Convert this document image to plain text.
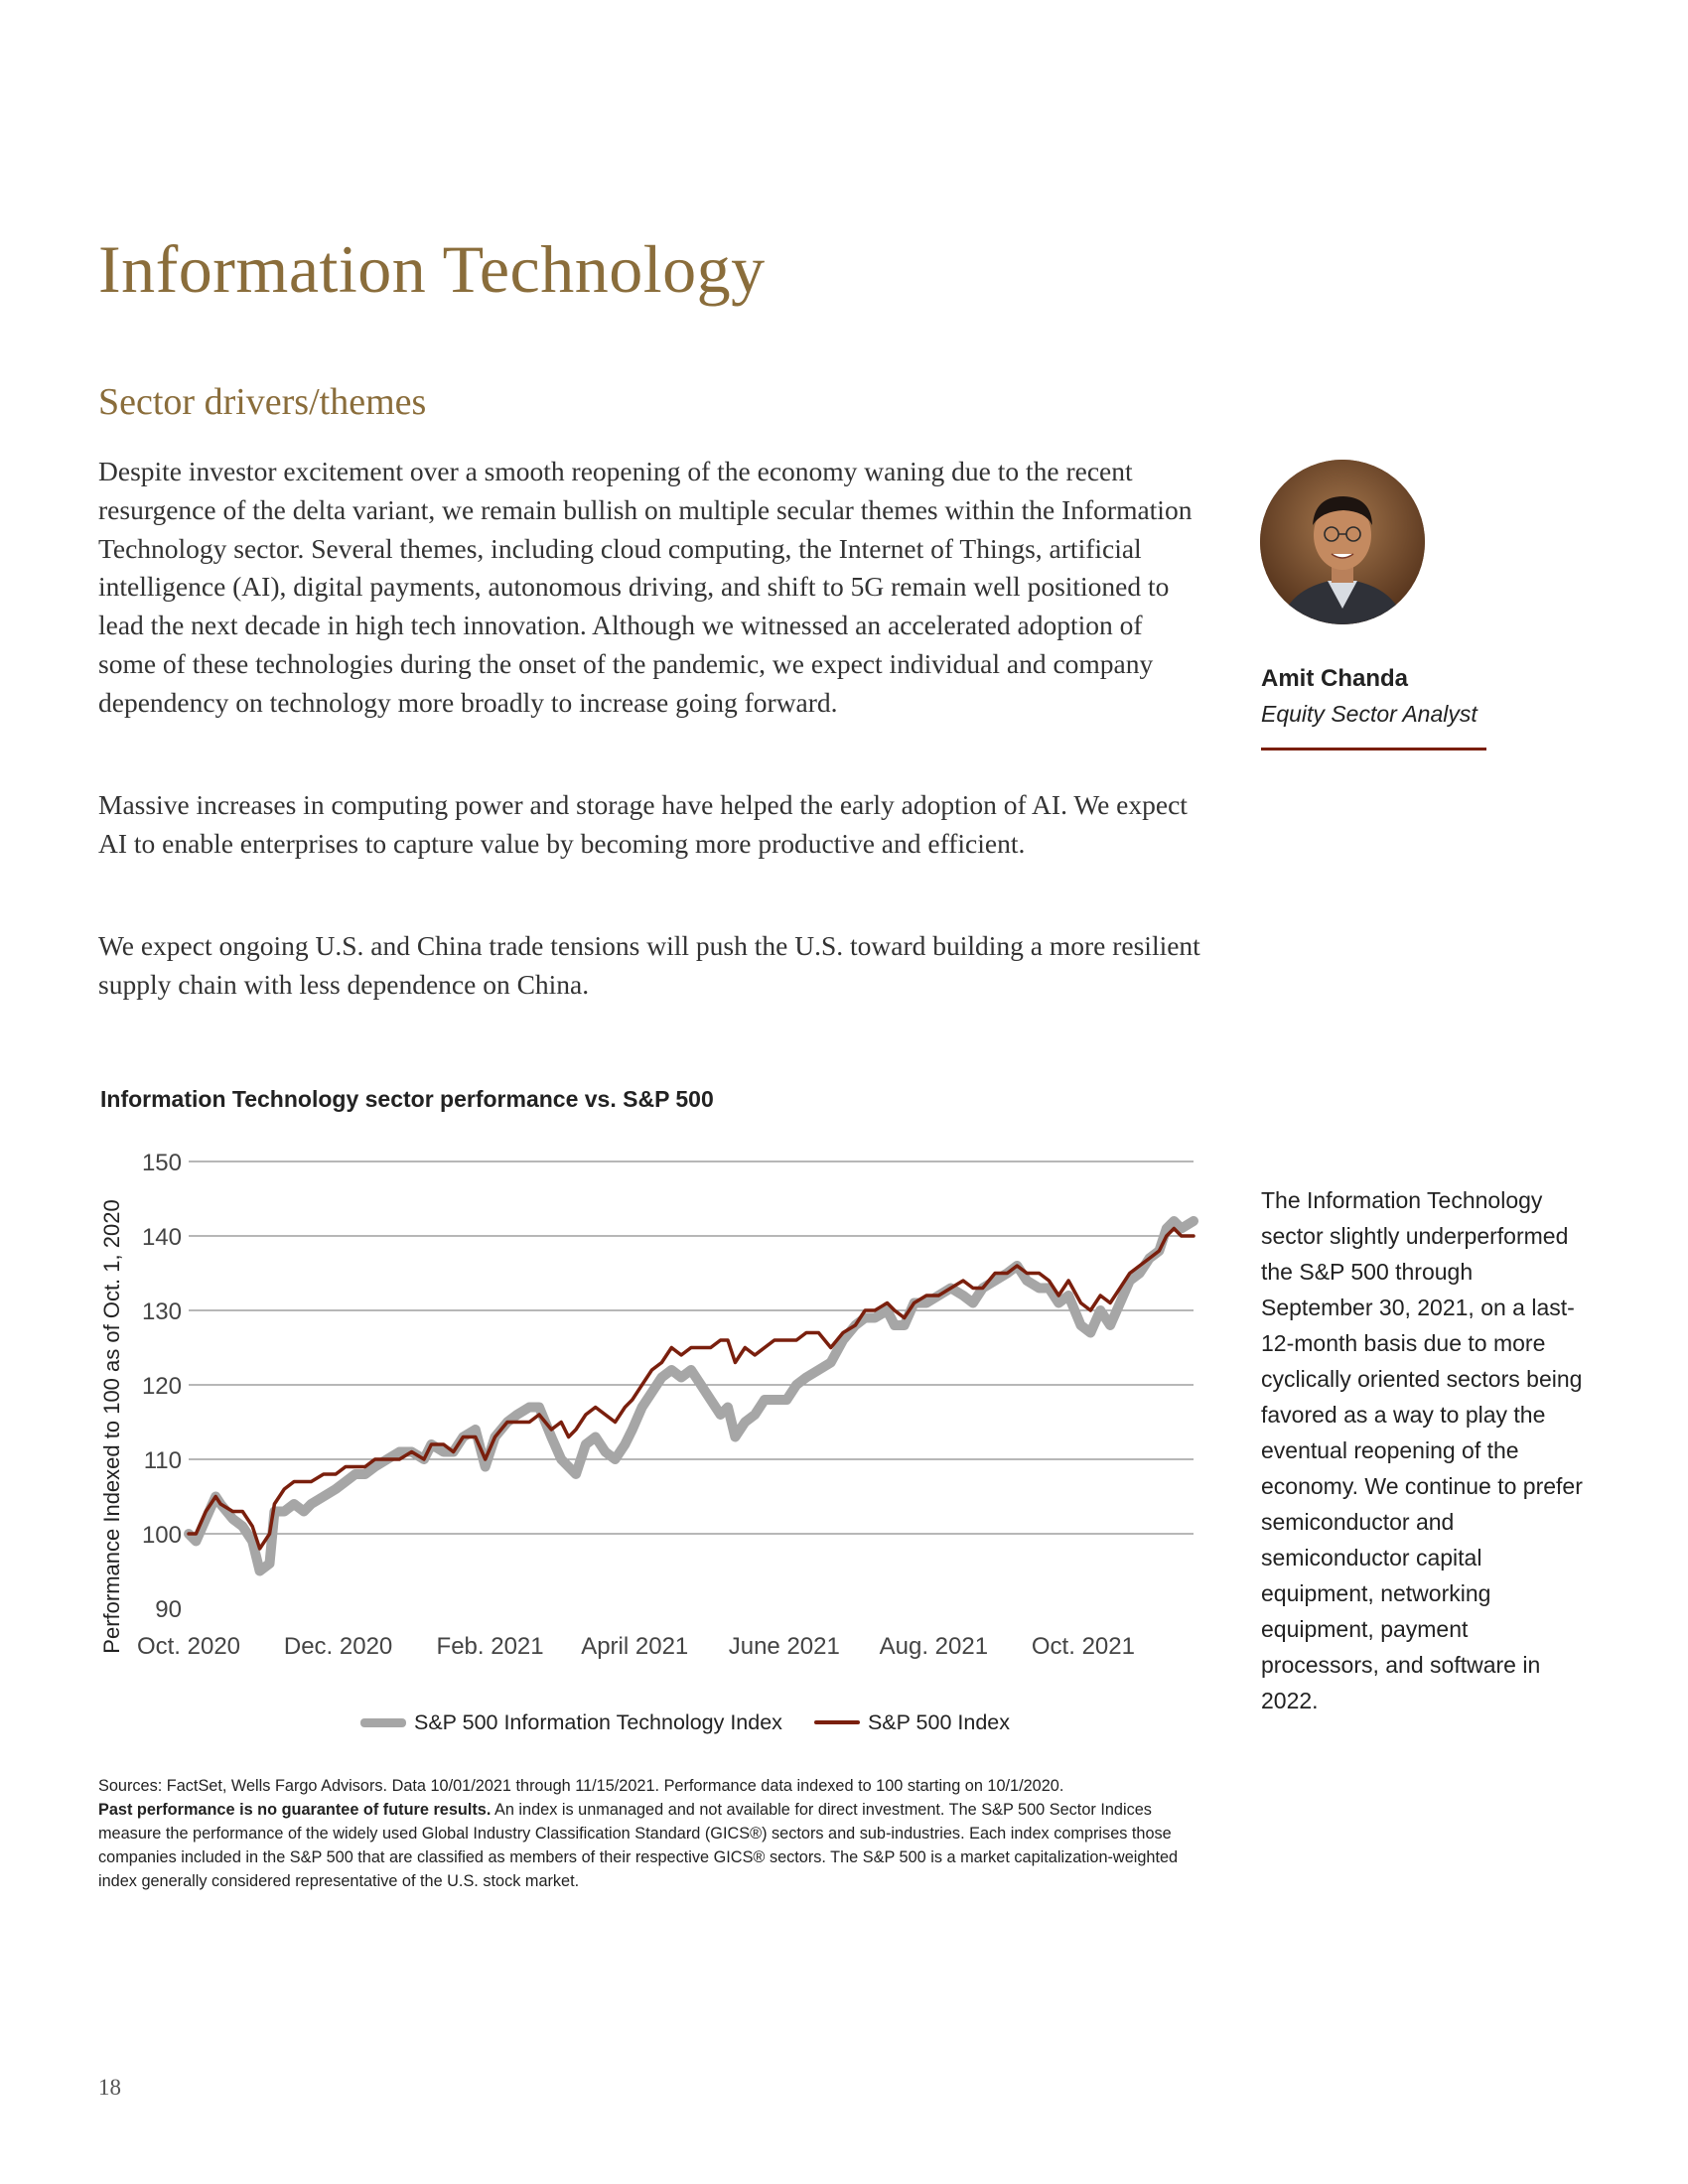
Information Technology
Sector drivers/themes

Despite investor excitement over a smooth reopening of the economy waning due to the recent resurgence of the delta variant, we remain bullish on multiple secular themes within the Information Technology sector. Several themes, including cloud computing, the Internet of Things, artificial intelligence (AI), digital payments, autonomous driving, and shift to 5G remain well positioned to lead the next decade in high tech innovation. Although we witnessed an accelerated adoption of some of these technologies during the onset of the pandemic, we expect individual and company dependency on technology more broadly to increase going forward.

Massive increases in computing power and storage have helped the early adoption of AI. We expect AI to enable enterprises to capture value by becoming more productive and efficient.

We expect ongoing U.S. and China trade tensions will push the U.S. toward building a more resilient supply chain with less dependence on China.

Amit Chanda
Equity Sector Analyst
Information Technology sector performance vs. S&P 500
90
100
110
120
130
140
150
Oct. 2020 Dec. 2020 Feb. 2021 April 2021 June 2021 Aug. 2021 Oct. 2021
Performance Indexed to 100 as of Oct. 1, 2020
S&P 500 Information Technology Index	S&P 500 Index
Sources: FactSet, Wells Fargo Advisors. Data 10/01/2021 through 11/15/2021. Performance data indexed to 100 starting on 10/1/2020.
Past performance is no guarantee of future results. An index is unmanaged and not available for direct investment. The S&P 500 Sector Indices measure the performance of the widely used Global Industry Classification Standard (GICS®) sectors and sub-industries. Each index comprises those companies included in the S&P 500 that are classified as members of their respective GICS® sectors. The S&P 500 is a market capitalization-weighted index generally considered representative of the U.S. stock market.

The Information Technology sector slightly underperformed the S&P 500 through September 30, 2021, on a last-12-month basis due to more cyclically oriented sectors being favored as a way to play the eventual reopening of the economy. We continue to prefer semiconductor and semiconductor capital equipment, networking equipment, payment processors, and software in 2022.

18
